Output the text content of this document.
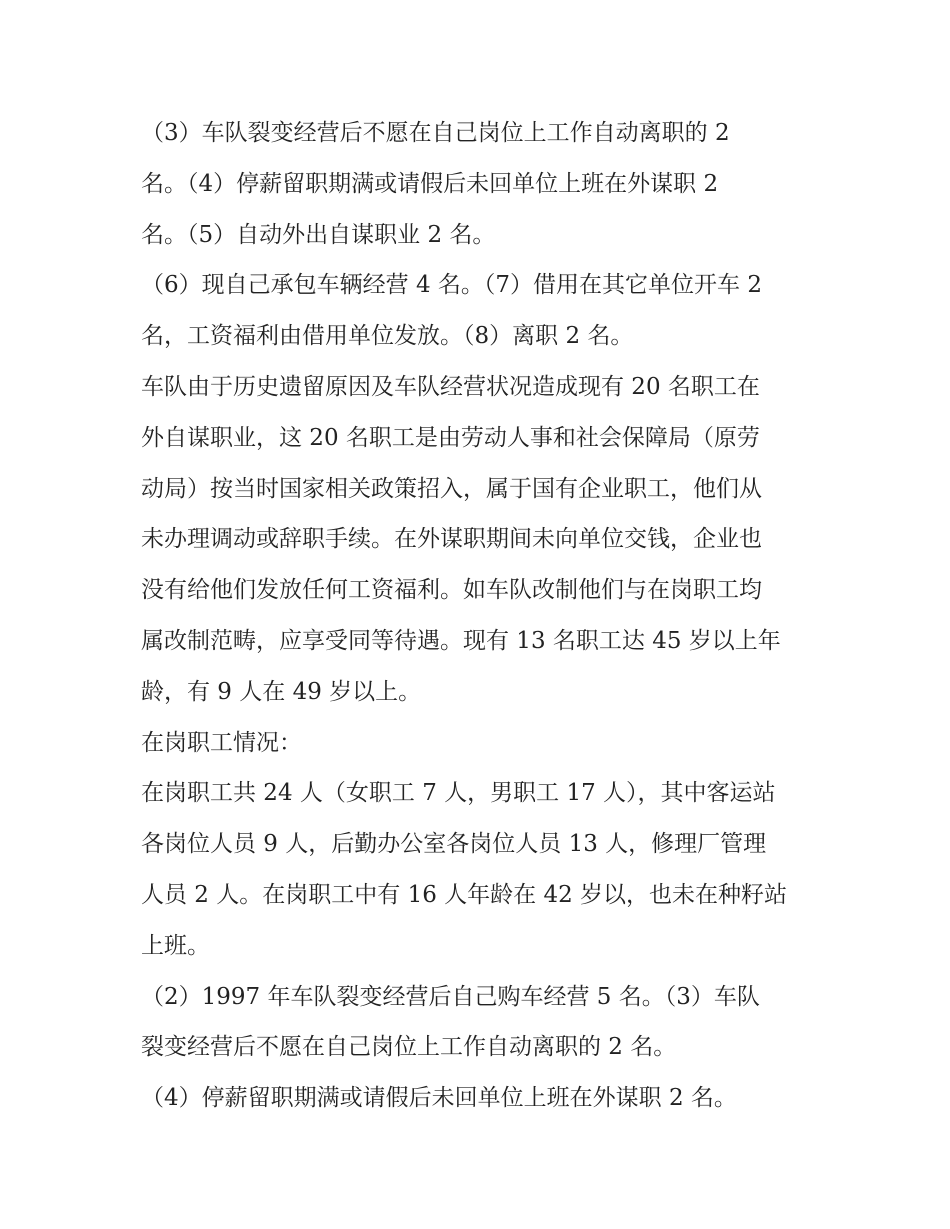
（3）车队裂变经营后不愿在自己岗位上工作自动离职的 2

名。（4）停薪留职期满或请假后未回单位上班在外谋职 2

名。（5）自动外出自谋职业 2 名。

（6）现自己承包车辆经营 4 名。（7）借用在其它单位开车 2

名，工资福利由借用单位发放。（8）离职 2 名。

车队由于历史遗留原因及车队经营状况造成现有 20 名职工在

外自谋职业，这 20 名职工是由劳动人事和社会保障局（原劳

动局）按当时国家相关政策招入，属于国有企业职工，他们从

未办理调动或辞职手续。在外谋职期间未向单位交钱，企业也

没有给他们发放任何工资福利。如车队改制他们与在岗职工均

属改制范畴，应享受同等待遇。现有 13 名职工达 45 岁以上年

龄，有 9 人在 49 岁以上。

在岗职工情况：

在岗职工共 24 人（女职工 7 人，男职工 17 人），其中客运站

各岗位人员 9 人，后勤办公室各岗位人员 13 人，修理厂管理

人员 2 人。在岗职工中有 16 人年龄在 42 岁以，也未在种籽站

上班。

（2）1997 年车队裂变经营后自己购车经营 5 名。（3）车队

裂变经营后不愿在自己岗位上工作自动离职的 2 名。

（4）停薪留职期满或请假后未回单位上班在外谋职 2 名。
